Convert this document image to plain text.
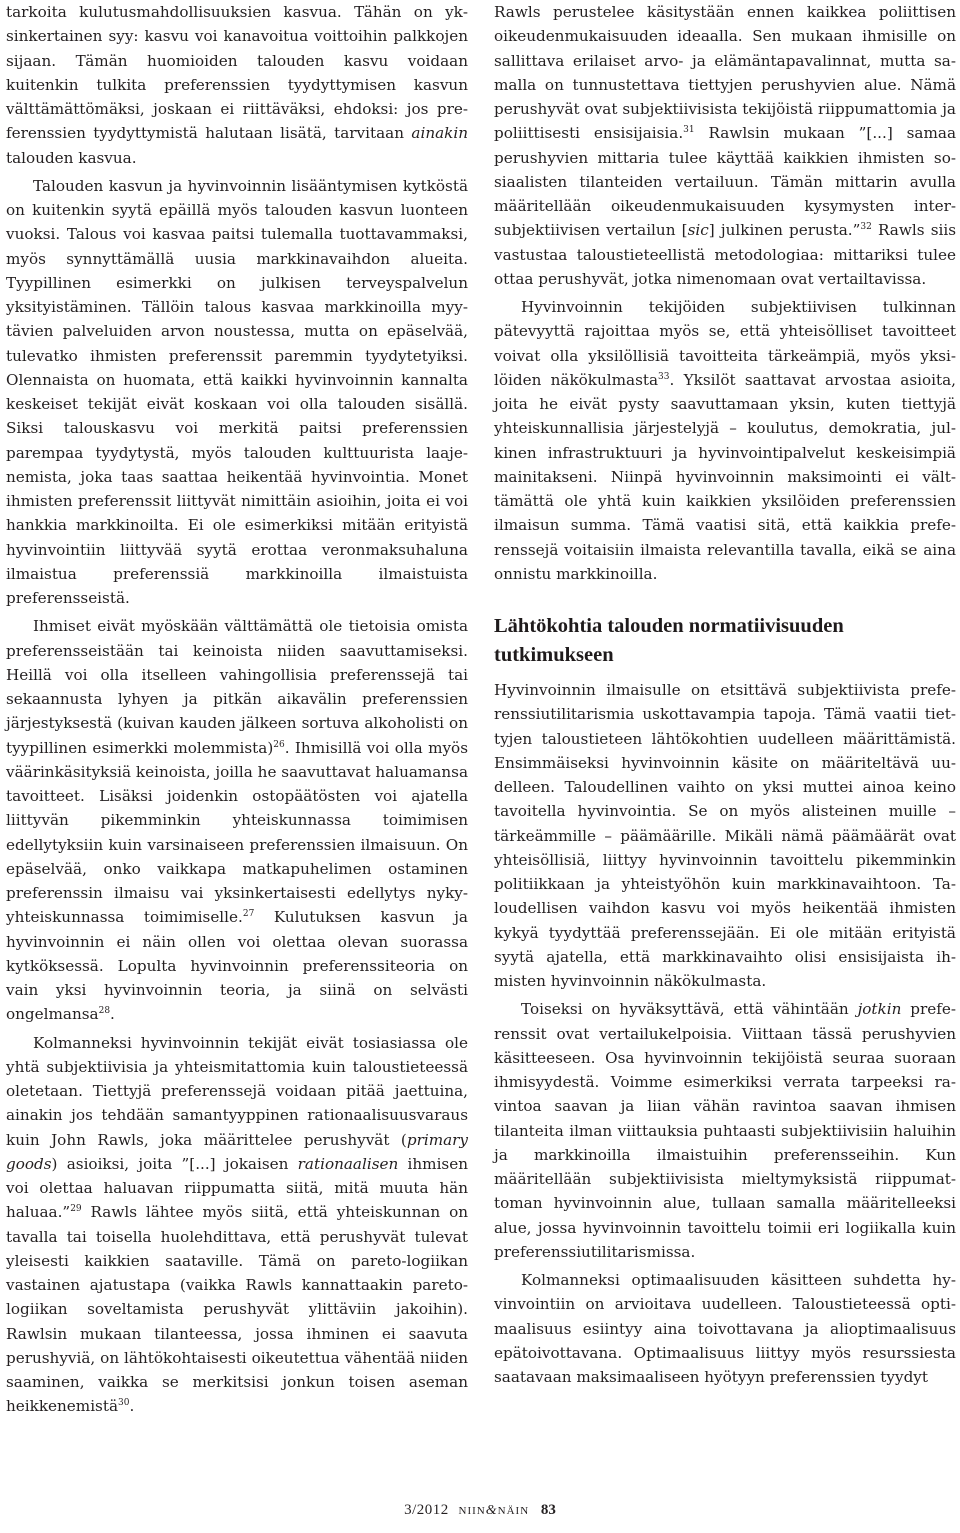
tarkoita kulutusmahdollisuuksien kasvua. Tähän on yksinkertainen syy: kasvu voi kanavoitua voittoihin palkkojen sijaan. Tämän huomioiden talouden kasvu voidaan kuitenkin tulkita preferenssien tyydyttymisen kasvun välttämättömäksi, joskaan ei riittäväksi, ehdoksi: jos preferenssien tyydyttymistä halutaan lisätä, tarvitaan ainakin talouden kasvua.

Talouden kasvun ja hyvinvoinnin lisääntymisen kytköstä on kuitenkin syytä epäillä myös talouden kasvun luonteen vuoksi. Talous voi kasvaa paitsi tulemalla tuottavammaksi, myös synnyttämällä uusia markkinavaihdon alueita. Tyypillinen esimerkki on julkisen terveyspalvelun yksityistäminen. Tällöin talous kasvaa markkinoilla myytävien palveluiden arvon noustessa, mutta on epäselvää, tulevatko ihmisten preferenssit paremmin tyydytetyiksi. Olennaista on huomata, että kaikki hyvinvoinnin kannalta keskeiset tekijät eivät koskaan voi olla talouden sisällä. Siksi talouskasvu voi merkitä paitsi preferenssien parempaa tyydytystä, myös talouden kulttuurista laajenemista, joka taas saattaa heikentää hyvinvointia. Monet ihmisten preferenssit liittyvät nimittäin asioihin, joita ei voi hankkia markkinoilta. Ei ole esimerkiksi mitään erityistä hyvinvointiin liittyvää syytä erottaa veronmaksuhaluna ilmaistua preferenssiä markkinoilla ilmaistuista preferensseistä.

Ihmiset eivät myöskään välttämättä ole tietoisia omista preferensseistään tai keinoista niiden saavuttamiseksi. Heillä voi olla itselleen vahingollisia preferenssejä tai sekaannusta lyhyen ja pitkän aikavälin preferenssien järjestyksestä (kuivan kauden jälkeen sortuva alkoholisti on tyypillinen esimerkki molemmista)$^{26}$. Ihmisillä voi olla myös väärinkäsityksiä keinoista, joilla he saavuttavat haluamansa tavoitteet. Lisäksi joidenkin ostopäätösten voi ajatella liittyvän pikemminkin yhteiskunnassa toimimisen edellytyksiin kuin varsinaiseen preferenssien ilmaisuun. On epäselvää, onko vaikkapa matkapuhelimen ostaminen preferenssin ilmaisu vai yksinkertaisesti edellytys nyky-yhteiskunnassa toimimiselle.$^{27}$ Kulutuksen kasvun ja hyvinvoinnin ei näin ollen voi olettaa olevan suorassa kytköksessä. Lopulta hyvinvoinnin preferenssiteoria on vain yksi hyvinvoinnin teoria, ja siinä on selvästi ongelmansa$^{28}$.

Kolmanneksi hyvinvoinnin tekijät eivät tosiasiassa ole yhtä subjektiivisia ja yhteismitattomia kuin taloustieteessä oletetaan. Tiettyjä preferenssejä voidaan pitää jaettuina, ainakin jos tehdään samantyyppinen rationaalisuusvaraus kuin John Rawls, joka määrittelee perushyvät (primary goods) asioiksi, joita ”[...] jokaisen rationaalisen ihmisen voi olettaa haluavan riippumatta siitä, mitä muuta hän haluaa.”$^{29}$ Rawls lähtee myös siitä, että yhteiskunnan on tavalla tai toisella huolehdittava, että perushyvät tulevat yleisesti kaikkien saataville. Tämä on pareto-logiikan vastainen ajatustapa (vaikka Rawls kannattaakin pareto-logiikan soveltamista perushyvät ylittäviin jakoihin). Rawlsin mukaan tilanteessa, jossa ihminen ei saavuta perushyviä, on lähtökohtaisesti oikeutettua vähentää niiden saaminen, vaikka se merkitsisi jonkun toisen aseman heikkenemistä$^{30}$.

Rawls perustelee käsitystään ennen kaikkea poliittisen oikeudenmukaisuuden ideaalla. Sen mukaan ihmisille on sallittava erilaiset arvo- ja elämäntapavalinnat, mutta samalla on tunnustettava tiettyjen perushyvien alue. Nämä perushyvät ovat subjektiivisista tekijöistä riippumattomia ja poliittisesti ensisijaisia.$^{31}$ Rawlsin mukaan ”[...] samaa perushyvien mittaria tulee käyttää kaikkien ihmisten sosiaalisten tilanteiden vertailuun. Tämän mittarin avulla määritellään oikeudenmukaisuuden kysymysten intersubjektiivisen vertailun [sic] julkinen perusta.”$^{32}$ Rawls siis vastustaa taloustieteellistä metodologiaa: mittariksi tulee ottaa perushyvät, jotka nimenomaan ovat vertailtavissa.

Hyvinvoinnin tekijöiden subjektiivisen tulkinnan pätevyyttä rajoittaa myös se, että yhteisölliset tavoitteet voivat olla yksilöllisiä tavoitteita tärkeämpiä, myös yksilöiden näkökulmasta$^{33}$. Yksilöt saattavat arvostaa asioita, joita he eivät pysty saavuttamaan yksin, kuten tiettyjä yhteiskunnallisia järjestelyjä – koulutus, demokratia, julkinen infrastruktuuri ja hyvinvointipalvelut keskeisimpiä mainitakseni. Niinpä hyvinvoinnin maksimointi ei välttämättä ole yhtä kuin kaikkien yksilöiden preferenssien ilmaisun summa. Tämä vaatisi sitä, että kaikkia preferenssejä voitaisiin ilmaista relevantilla tavalla, eikä se aina onnistu markkinoilla.

Lähtökohtia talouden normatiivisuuden tutkimukseen

Hyvinvoinnin ilmaisulle on etsittävä subjektiivista preferenssiutilitarismia uskottavampia tapoja. Tämä vaatii tiettyjen taloustieteen lähtökohtien uudelleen määrittämistä. Ensimmäiseksi hyvinvoinnin käsite on määriteltävä uudelleen. Taloudellinen vaihto on yksi muttei ainoa keino tavoitella hyvinvointia. Se on myös alisteinen muille – tärkeämmille – päämäärille. Mikäli nämä päämäärät ovat yhteisöllisiä, liittyy hyvinvoinnin tavoittelu pikemminkin politiikkaan ja yhteistyöhön kuin markkinavaihtoon. Taloudellisen vaihdon kasvu voi myös heikentää ihmisten kykyä tyydyttää preferenssejään. Ei ole mitään erityistä syytä ajatella, että markkinavaihto olisi ensisijaista ihmisten hyvinvoinnin näkökulmasta.

Toiseksi on hyväksyttävä, että vähintään jotkin preferenssit ovat vertailukelpoisia. Viittaan tässä perushyvien käsitteeseen. Osa hyvinvoinnin tekijöistä seuraa suoraan ihmisyydestä. Voimme esimerkiksi verrata tarpeeksi ravintoa saavan ja liian vähän ravintoa saavan ihmisen tilanteita ilman viittauksia puhtaasti subjektiivisiin haluihin ja markkinoilla ilmaistuihin preferensseihin. Kun määritellään subjektiivisista mieltymyksistä riippumattoman hyvinvoinnin alue, tullaan samalla määritelleeksi alue, jossa hyvinvoinnin tavoittelu toimii eri logiikalla kuin preferenssiutilitarismissa.

Kolmanneksi optimaalisuuden käsitteen suhdetta hyvinvointiin on arvioitava uudelleen. Taloustieteessä optimaalisuus esiintyy aina toivottavana ja alioptimaalisuus epätoivottavana. Optimaalisuus liittyy myös resurssiesta saatavaan maksimaaliseen hyötyyn preferenssien tyydyt

3/2012 niin&näin 83
